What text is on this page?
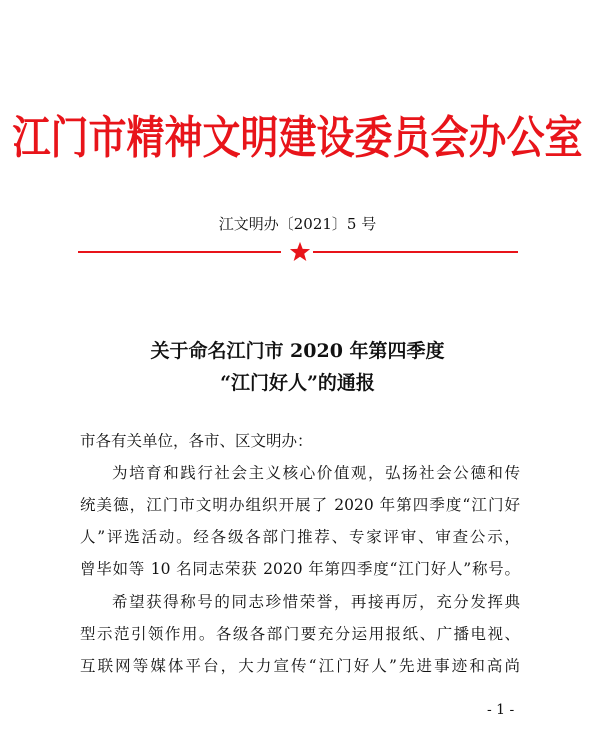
江门市精神文明建设委员会办公室
江文明办〔2021〕5 号
关于命名江门市 2020 年第四季度
“江门好人”的通报
市各有关单位，各市、区文明办：
为培育和践行社会主义核心价值观，弘扬社会公德和传
统美德，江门市文明办组织开展了 2020 年第四季度“江门好
人”评选活动。经各级各部门推荐、专家评审、审查公示，
曾毕如等 10 名同志荣获 2020 年第四季度“江门好人”称号。
希望获得称号的同志珍惜荣誉，再接再厉，充分发挥典
型示范引领作用。各级各部门要充分运用报纸、广播电视、
互联网等媒体平台，大力宣传“江门好人”先进事迹和高尚
- 1 -
